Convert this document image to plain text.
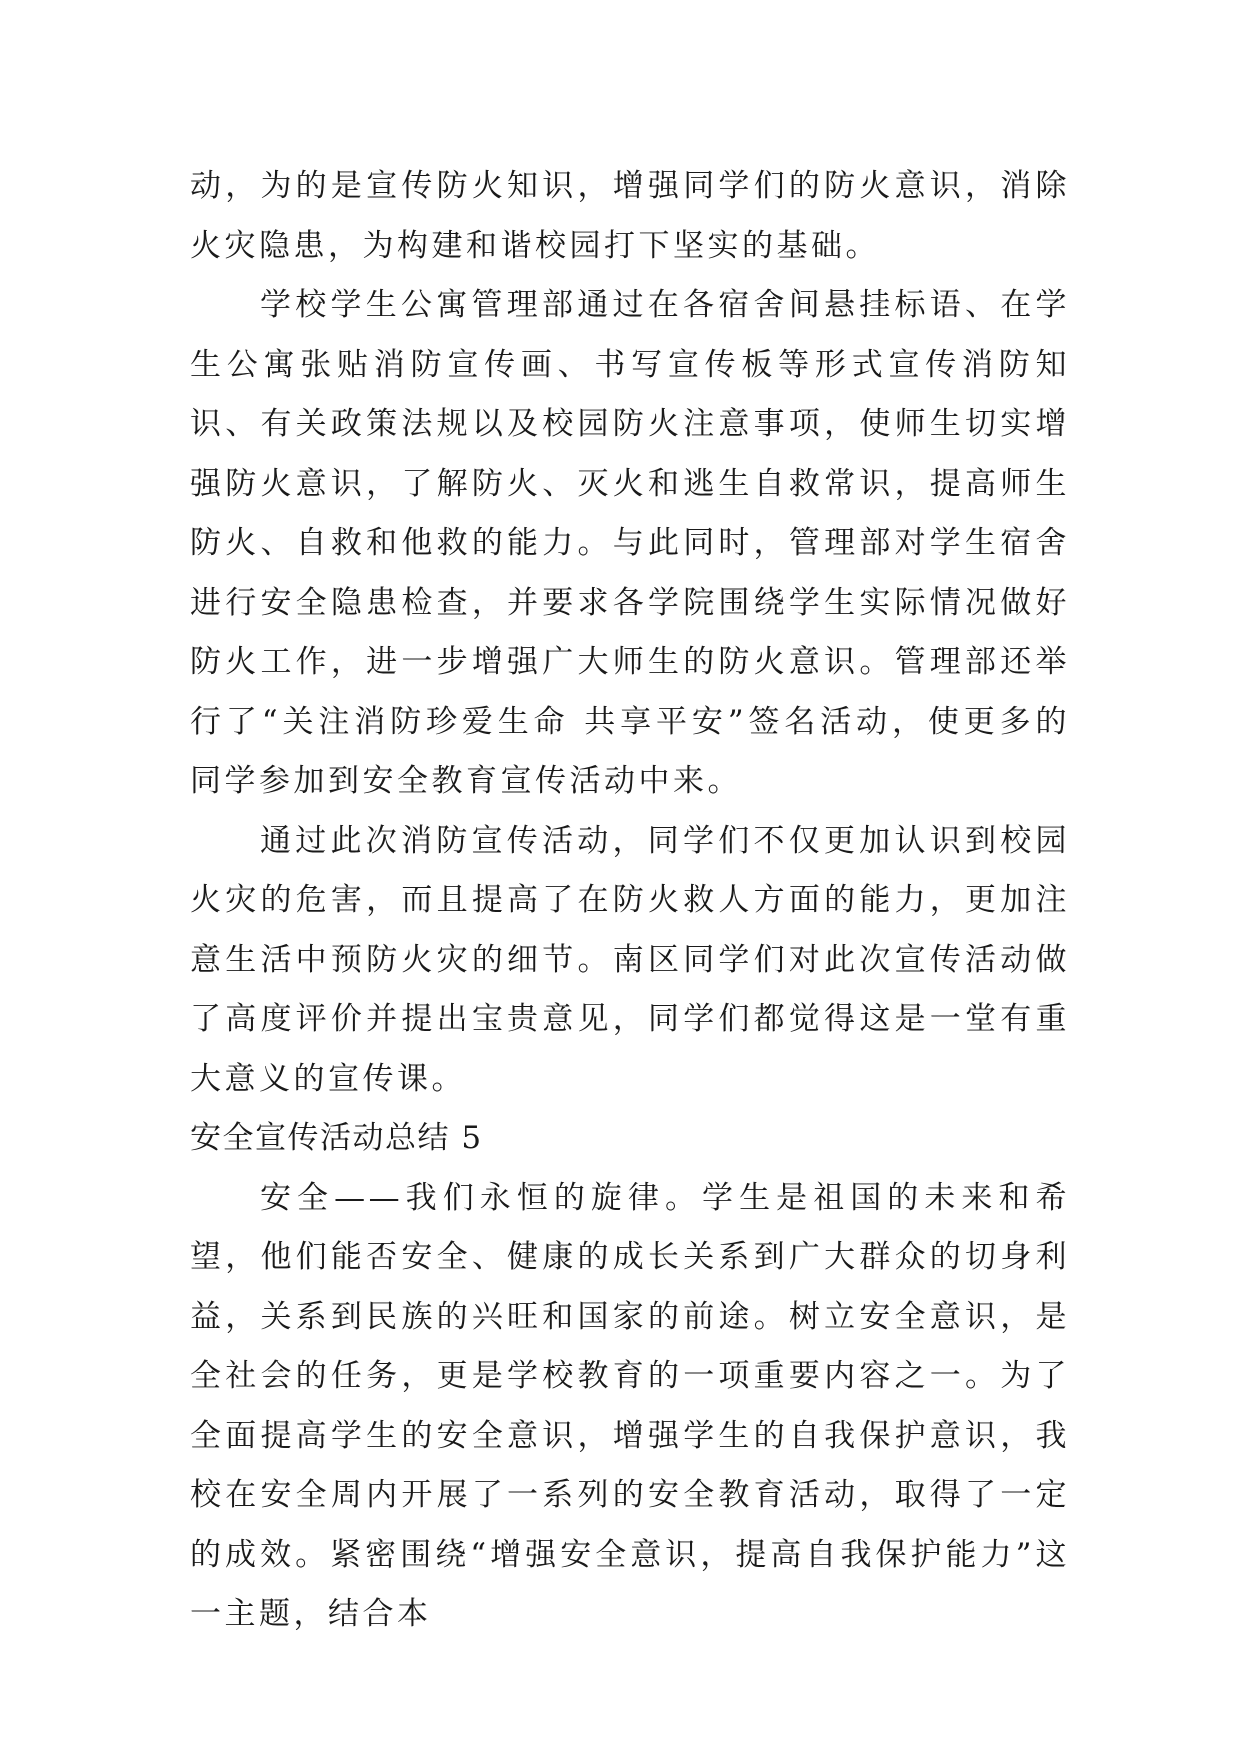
动，为的是宣传防火知识，增强同学们的防火意识，消除火灾隐患，为构建和谐校园打下坚实的基础。

学校学生公寓管理部通过在各宿舍间悬挂标语、在学生公寓张贴消防宣传画、书写宣传板等形式宣传消防知识、有关政策法规以及校园防火注意事项，使师生切实增强防火意识，了解防火、灭火和逃生自救常识，提高师生防火、自救和他救的能力。与此同时，管理部对学生宿舍进行安全隐患检查，并要求各学院围绕学生实际情况做好防火工作，进一步增强广大师生的防火意识。管理部还举行了“关注消防珍爱生命 共享平安”签名活动，使更多的同学参加到安全教育宣传活动中来。

通过此次消防宣传活动，同学们不仅更加认识到校园火灾的危害，而且提高了在防火救人方面的能力，更加注意生活中预防火灾的细节。南区同学们对此次宣传活动做了高度评价并提出宝贵意见，同学们都觉得这是一堂有重大意义的宣传课。

安全宣传活动总结 5

安全——我们永恒的旋律。学生是祖国的未来和希望，他们能否安全、健康的成长关系到广大群众的切身利益，关系到民族的兴旺和国家的前途。树立安全意识，是全社会的任务，更是学校教育的一项重要内容之一。为了全面提高学生的安全意识，增强学生的自我保护意识，我校在安全周内开展了一系列的安全教育活动，取得了一定的成效。紧密围绕“增强安全意识，提高自我保护能力”这一主题，结合本
